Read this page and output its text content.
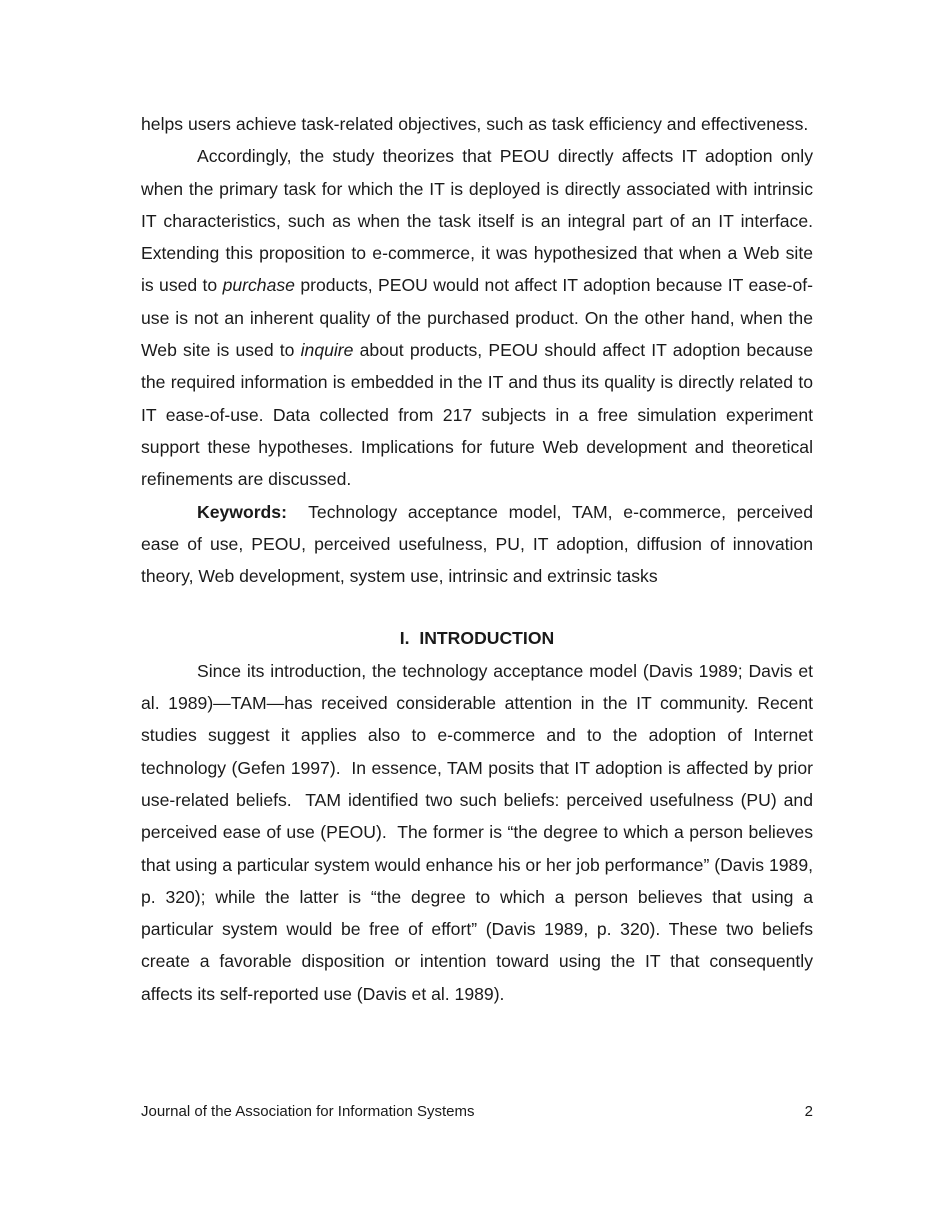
helps users achieve task-related objectives, such as task efficiency and effectiveness.

Accordingly, the study theorizes that PEOU directly affects IT adoption only when the primary task for which the IT is deployed is directly associated with intrinsic IT characteristics, such as when the task itself is an integral part of an IT interface. Extending this proposition to e-commerce, it was hypothesized that when a Web site is used to purchase products, PEOU would not affect IT adoption because IT ease-of-use is not an inherent quality of the purchased product. On the other hand, when the Web site is used to inquire about products, PEOU should affect IT adoption because the required information is embedded in the IT and thus its quality is directly related to IT ease-of-use. Data collected from 217 subjects in a free simulation experiment support these hypotheses. Implications for future Web development and theoretical refinements are discussed.

Keywords:  Technology acceptance model, TAM, e-commerce, perceived ease of use, PEOU, perceived usefulness, PU, IT adoption, diffusion of innovation theory, Web development, system use, intrinsic and extrinsic tasks

I.  INTRODUCTION

Since its introduction, the technology acceptance model (Davis 1989; Davis et al. 1989)—TAM—has received considerable attention in the IT community. Recent studies suggest it applies also to e-commerce and to the adoption of Internet technology (Gefen 1997).  In essence, TAM posits that IT adoption is affected by prior use-related beliefs.  TAM identified two such beliefs: perceived usefulness (PU) and perceived ease of use (PEOU).  The former is “the degree to which a person believes that using a particular system would enhance his or her job performance” (Davis 1989, p. 320); while the latter is “the degree to which a person believes that using a particular system would be free of effort” (Davis 1989, p. 320). These two beliefs create a favorable disposition or intention toward using the IT that consequently affects its self-reported use (Davis et al. 1989).

Journal of the Association for Information Systems	2
